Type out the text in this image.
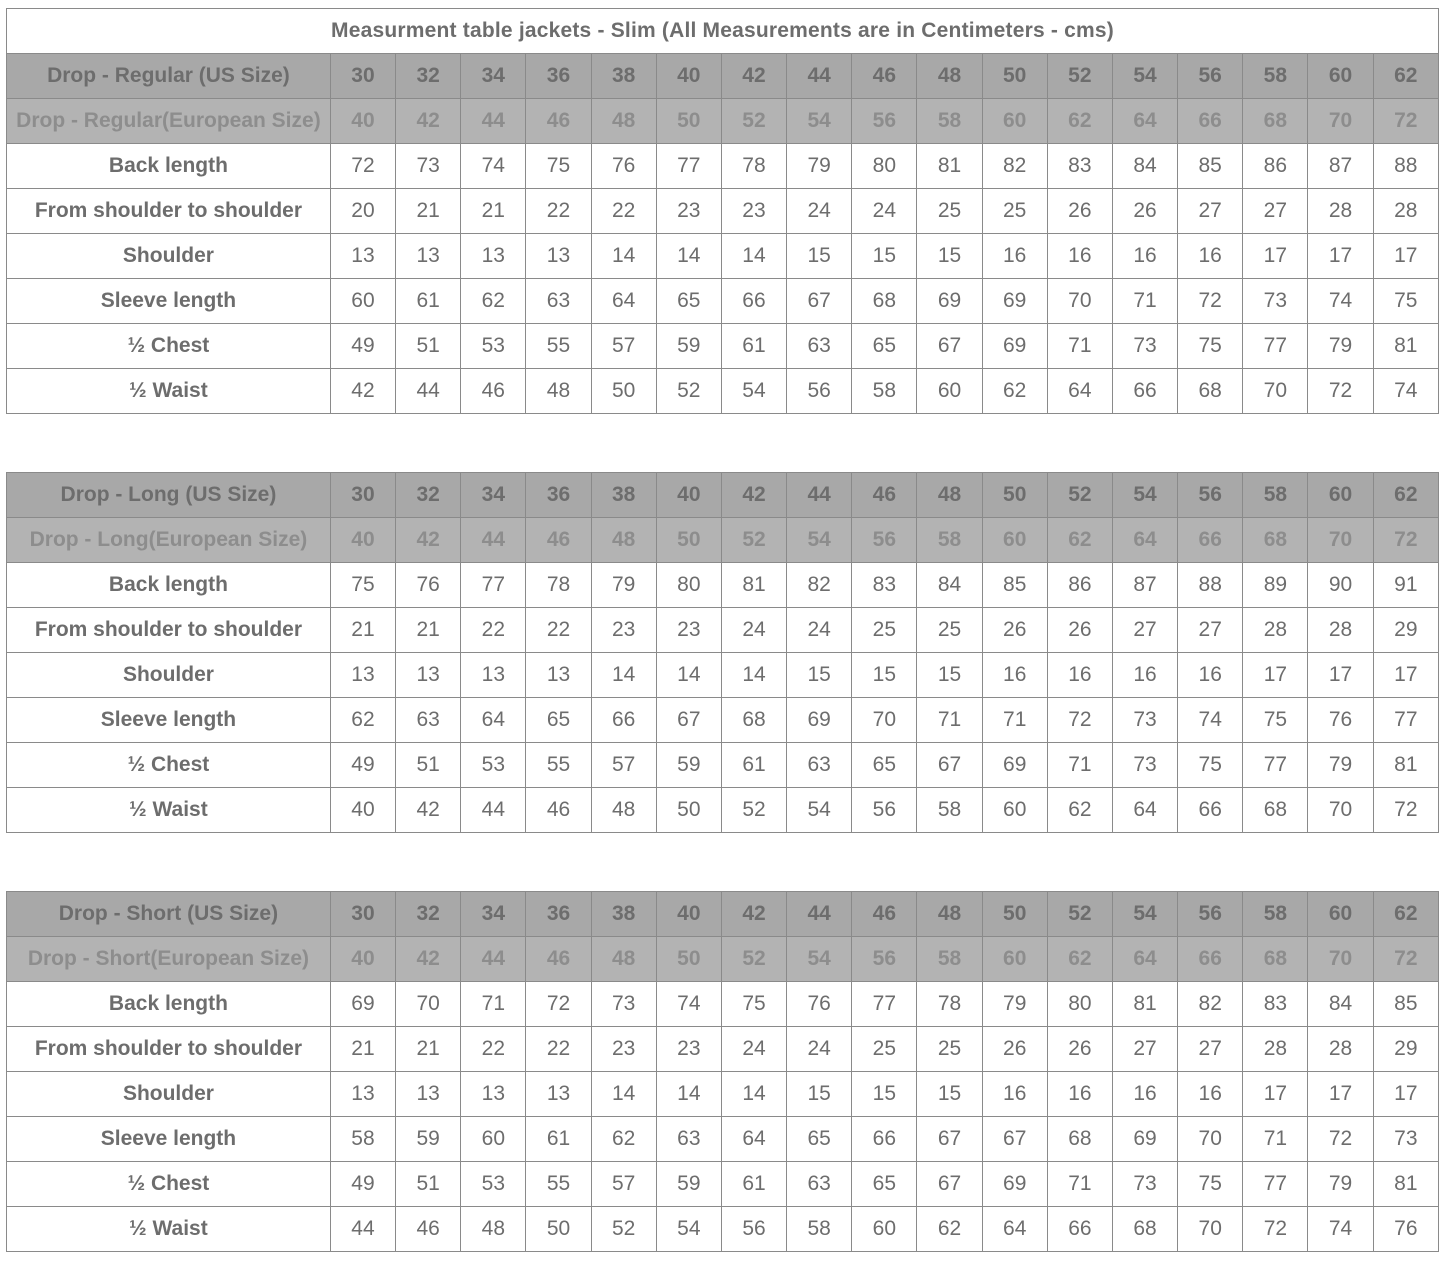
Measurment table jackets - Slim (All Measurements are in Centimeters - cms)																	
Drop - Regular (US Size)	30	32	34	36	38	40	42	44	46	48	50	52	54	56	58	60	62
Drop - Regular(European Size)	40	42	44	46	48	50	52	54	56	58	60	62	64	66	68	70	72
Back length	72	73	74	75	76	77	78	79	80	81	82	83	84	85	86	87	88
From shoulder to shoulder	20	21	21	22	22	23	23	24	24	25	25	26	26	27	27	28	28
Shoulder	13	13	13	13	14	14	14	15	15	15	16	16	16	16	17	17	17
Sleeve length	60	61	62	63	64	65	66	67	68	69	69	70	71	72	73	74	75
½ Chest	49	51	53	55	57	59	61	63	65	67	69	71	73	75	77	79	81
½ Waist	42	44	46	48	50	52	54	56	58	60	62	64	66	68	70	72	74
Drop - Long (US Size)	30	32	34	36	38	40	42	44	46	48	50	52	54	56	58	60	62
Drop - Long(European Size)	40	42	44	46	48	50	52	54	56	58	60	62	64	66	68	70	72
Back length	75	76	77	78	79	80	81	82	83	84	85	86	87	88	89	90	91
From shoulder to shoulder	21	21	22	22	23	23	24	24	25	25	26	26	27	27	28	28	29
Shoulder	13	13	13	13	14	14	14	15	15	15	16	16	16	16	17	17	17
Sleeve length	62	63	64	65	66	67	68	69	70	71	71	72	73	74	75	76	77
½ Chest	49	51	53	55	57	59	61	63	65	67	69	71	73	75	77	79	81
½ Waist	40	42	44	46	48	50	52	54	56	58	60	62	64	66	68	70	72
Drop - Short (US Size)	30	32	34	36	38	40	42	44	46	48	50	52	54	56	58	60	62
Drop - Short(European Size)	40	42	44	46	48	50	52	54	56	58	60	62	64	66	68	70	72
Back length	69	70	71	72	73	74	75	76	77	78	79	80	81	82	83	84	85
From shoulder to shoulder	21	21	22	22	23	23	24	24	25	25	26	26	27	27	28	28	29
Shoulder	13	13	13	13	14	14	14	15	15	15	16	16	16	16	17	17	17
Sleeve length	58	59	60	61	62	63	64	65	66	67	67	68	69	70	71	72	73
½ Chest	49	51	53	55	57	59	61	63	65	67	69	71	73	75	77	79	81
½ Waist	44	46	48	50	52	54	56	58	60	62	64	66	68	70	72	74	76
